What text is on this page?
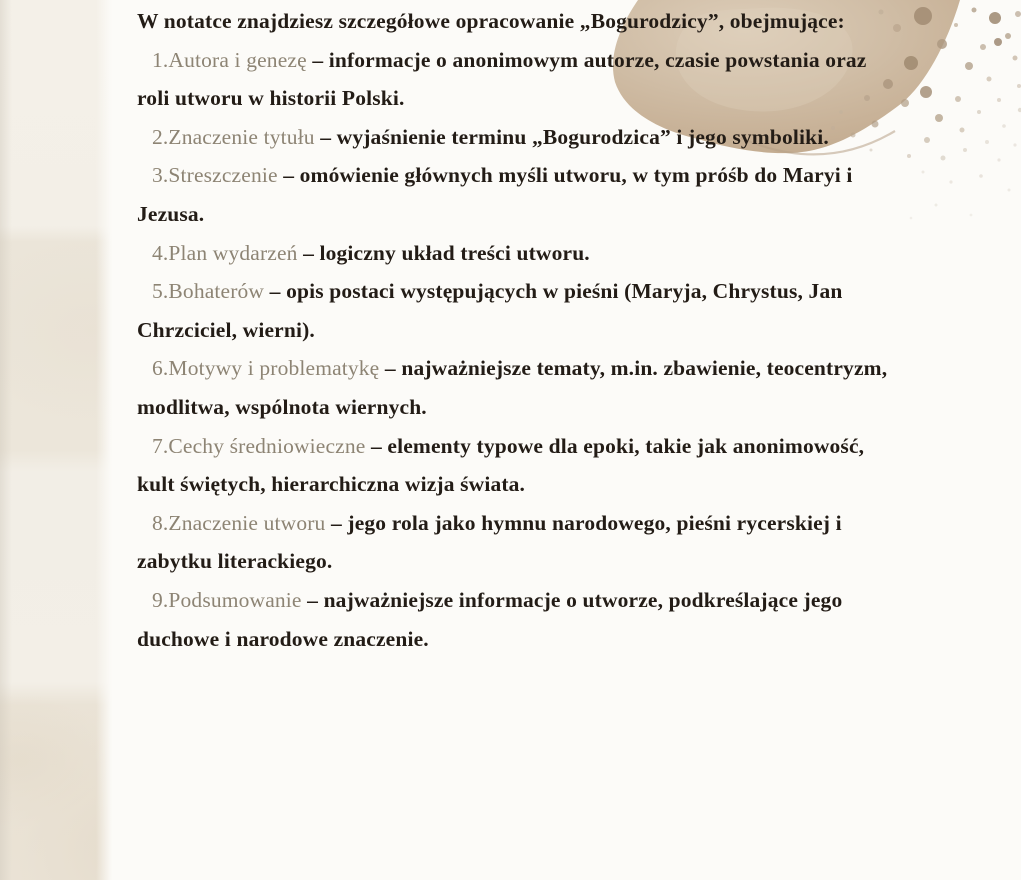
W notatce znajdziesz szczegółowe opracowanie „Bogurodzicy”, obejmujące:

1.Autora i genezę – informacje o anonimowym autorze, czasie powstania oraz roli utworu w historii Polski.

2.Znaczenie tytułu – wyjaśnienie terminu „Bogurodzica” i jego symboliki.

3.Streszczenie – omówienie głównych myśli utworu, w tym próśb do Maryi i Jezusa.

4.Plan wydarzeń – logiczny układ treści utworu.

5.Bohaterów – opis postaci występujących w pieśni (Maryja, Chrystus, Jan Chrzciciel, wierni).

6.Motywy i problematykę – najważniejsze tematy, m.in. zbawienie, teocentryzm, modlitwa, wspólnota wiernych.

7.Cechy średniowieczne – elementy typowe dla epoki, takie jak anonimowość, kult świętych, hierarchiczna wizja świata.

8.Znaczenie utworu – jego rola jako hymnu narodowego, pieśni rycerskiej i zabytku literackiego.

9.Podsumowanie – najważniejsze informacje o utworze, podkreślające jego duchowe i narodowe znaczenie.
